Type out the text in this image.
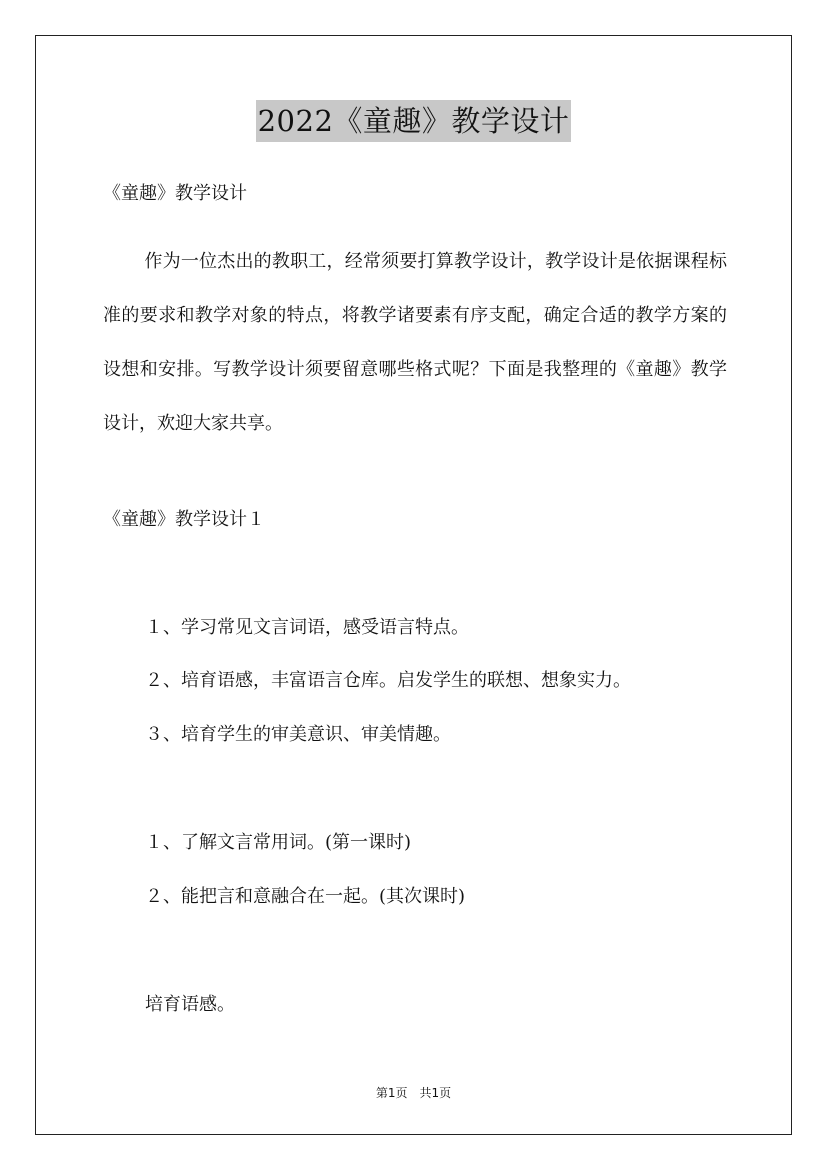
2022《童趣》教学设计
《童趣》教学设计
作为一位杰出的教职工，经常须要打算教学设计，教学设计是依据课程标准的要求和教学对象的特点，将教学诸要素有序支配，确定合适的教学方案的设想和安排。写教学设计须要留意哪些格式呢？下面是我整理的《童趣》教学设计，欢迎大家共享。
《童趣》教学设计１
１、学习常见文言词语，感受语言特点。
２、培育语感，丰富语言仓库。启发学生的联想、想象实力。
３、培育学生的审美意识、审美情趣。
１、了解文言常用词。(第一课时)
２、能把言和意融合在一起。(其次课时)
培育语感。
第1页　共1页
